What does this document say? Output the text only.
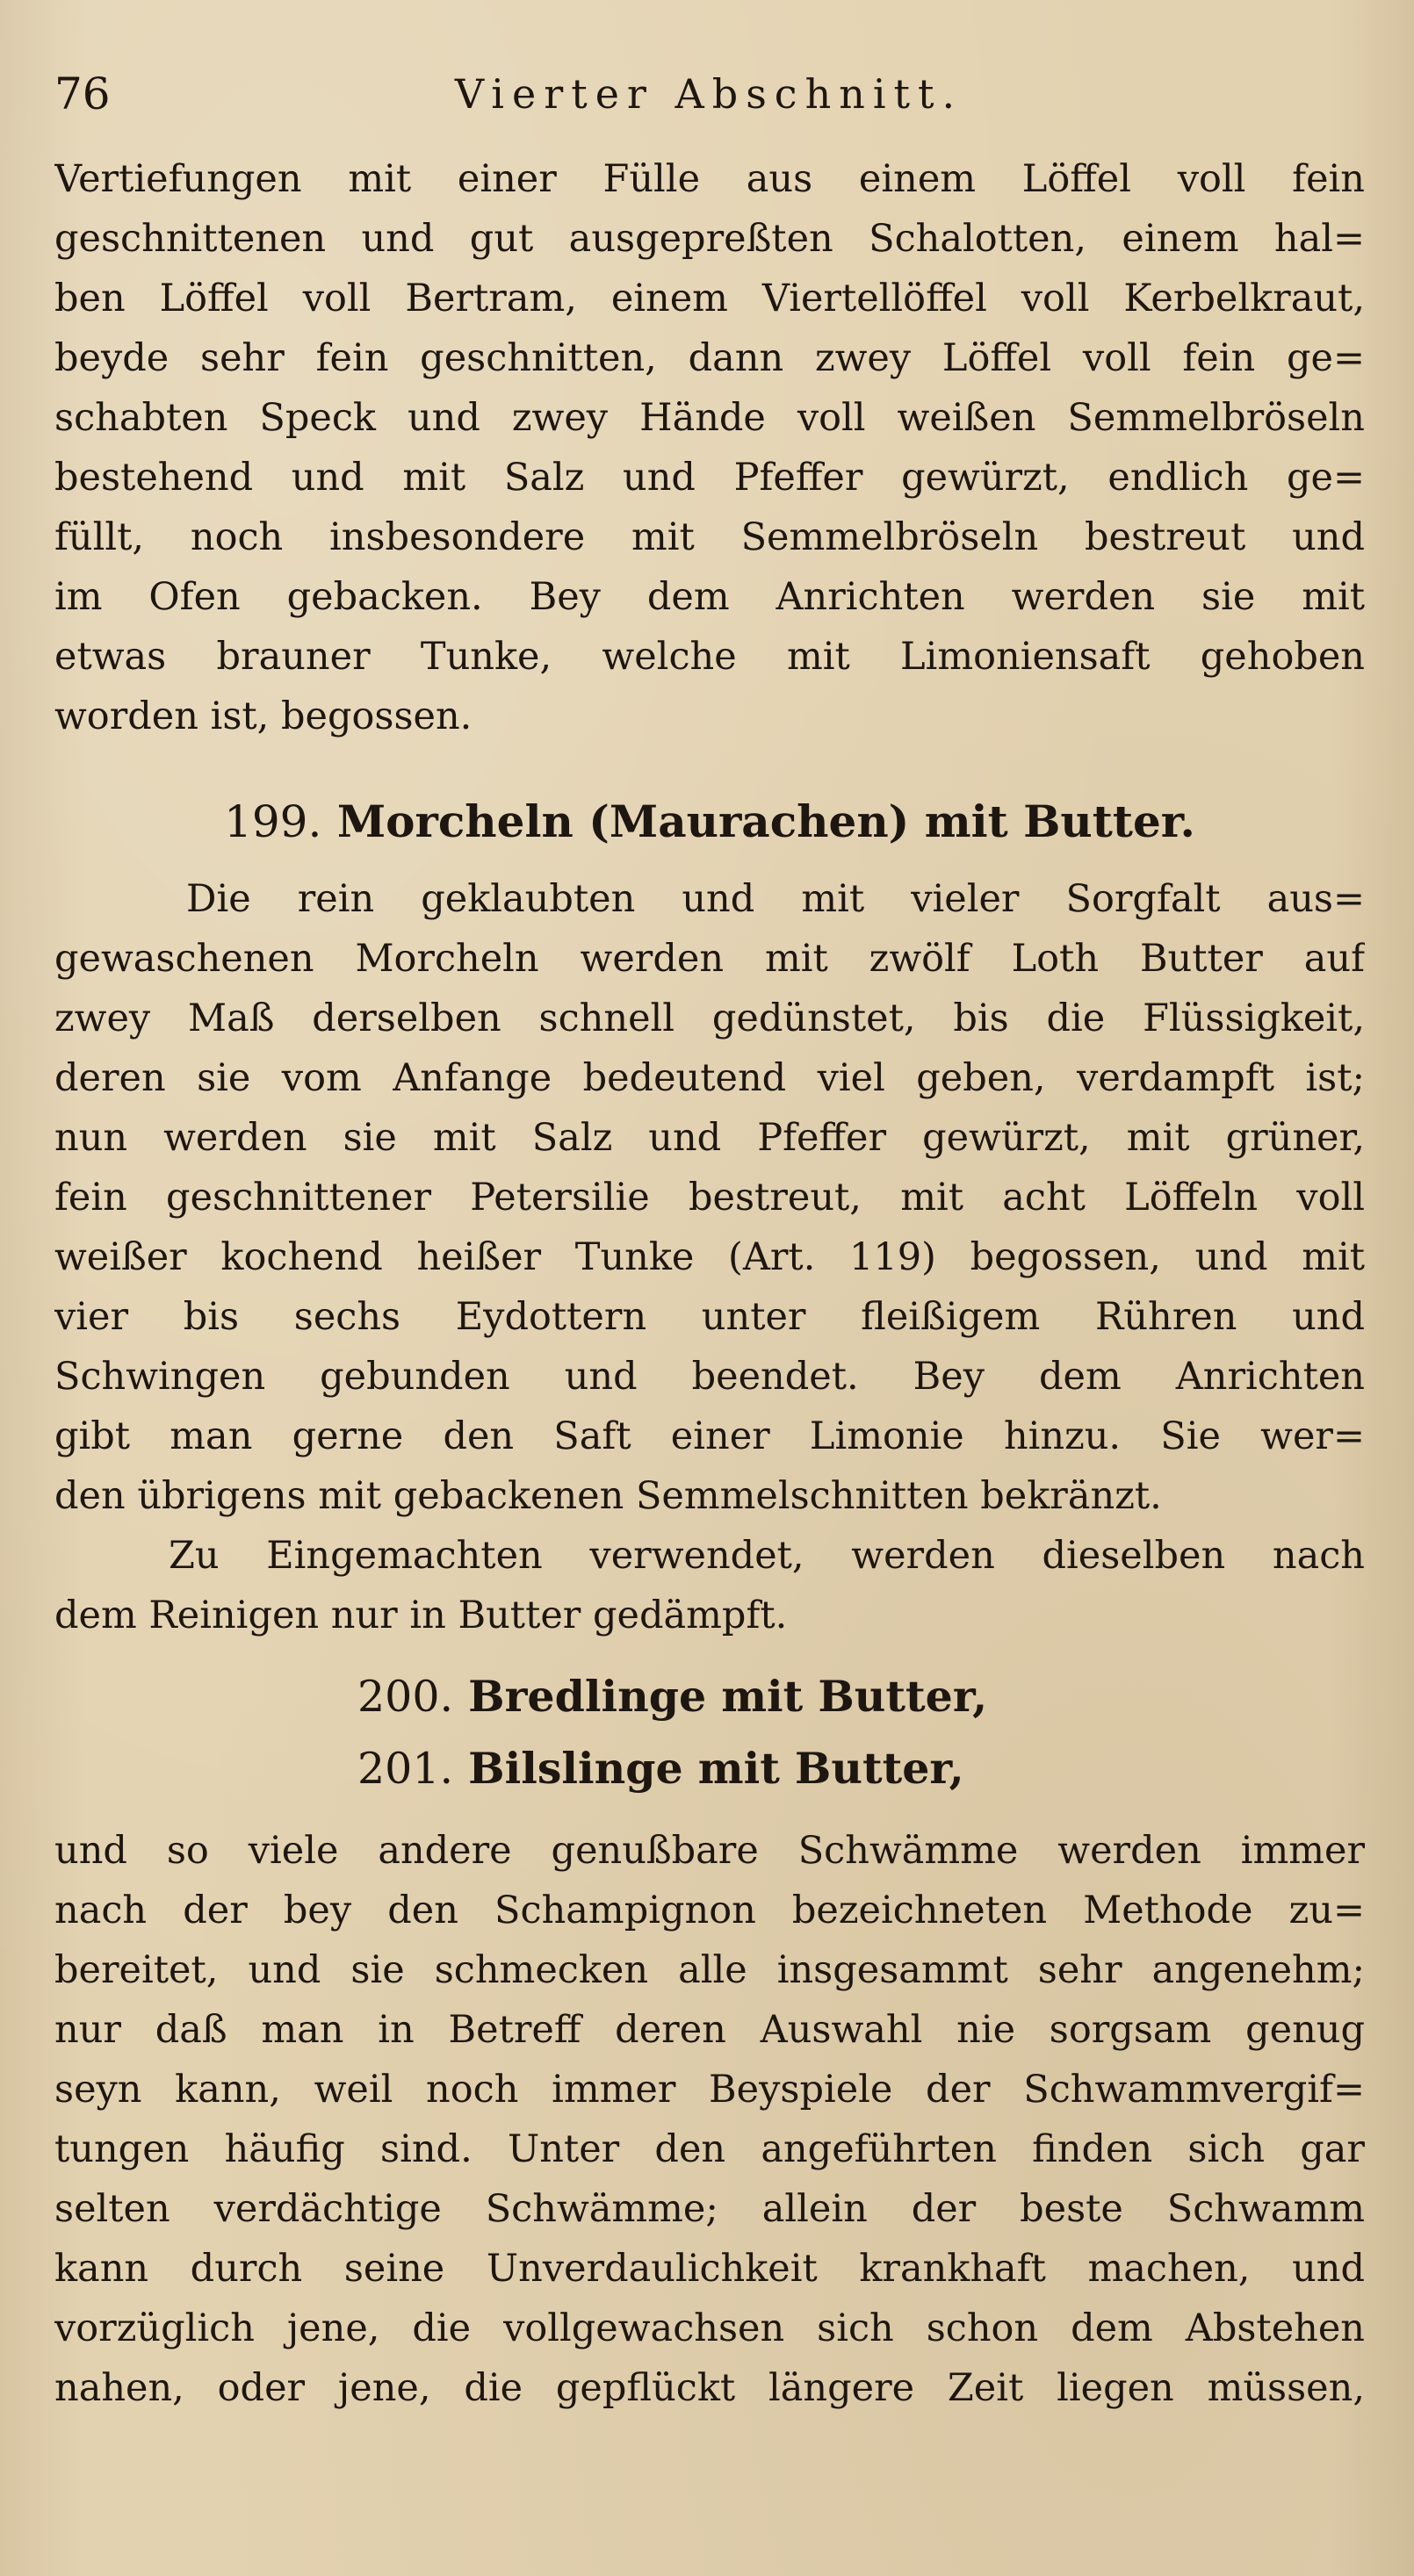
76	Vierter Abschnitt.
Vertiefungen mit einer Fülle aus einem Löffel voll fein
geschnittenen und gut ausgepreßten Schalotten, einem hal=
ben Löffel voll Bertram, einem Viertellöffel voll Kerbelkraut,
beyde sehr fein geschnitten, dann zwey Löffel voll fein ge=
schabten Speck und zwey Hände voll weißen Semmelbröseln
bestehend und mit Salz und Pfeffer gewürzt, endlich ge=
füllt, noch insbesondere mit Semmelbröseln bestreut und
im Ofen gebacken. Bey dem Anrichten werden sie mit
etwas brauner Tunke, welche mit Limoniensaft gehoben
worden ist, begossen.
199. Morcheln (Maurachen) mit Butter.
Die rein geklaubten und mit vieler Sorgfalt aus=
gewaschenen Morcheln werden mit zwölf Loth Butter auf
zwey Maß derselben schnell gedünstet, bis die Flüssigkeit,
deren sie vom Anfange bedeutend viel geben, verdampft ist;
nun werden sie mit Salz und Pfeffer gewürzt, mit grüner,
fein geschnittener Petersilie bestreut, mit acht Löffeln voll
weißer kochend heißer Tunke (Art. 119) begossen, und mit
vier bis sechs Eydottern unter fleißigem Rühren und
Schwingen gebunden und beendet. Bey dem Anrichten
gibt man gerne den Saft einer Limonie hinzu. Sie wer=
den übrigens mit gebackenen Semmelschnitten bekränzt.
Zu Eingemachten verwendet, werden dieselben nach
dem Reinigen nur in Butter gedämpft.
200. Bredlinge mit Butter,
201. Bilslinge mit Butter,
und so viele andere genußbare Schwämme werden immer
nach der bey den Schampignon bezeichneten Methode zu=
bereitet, und sie schmecken alle insgesammt sehr angenehm;
nur daß man in Betreff deren Auswahl nie sorgsam genug
seyn kann, weil noch immer Beyspiele der Schwammvergif=
tungen häufig sind. Unter den angeführten finden sich gar
selten verdächtige Schwämme; allein der beste Schwamm
kann durch seine Unverdaulichkeit krankhaft machen, und
vorzüglich jene, die vollgewachsen sich schon dem Abstehen
nahen, oder jene, die gepflückt längere Zeit liegen müssen,
